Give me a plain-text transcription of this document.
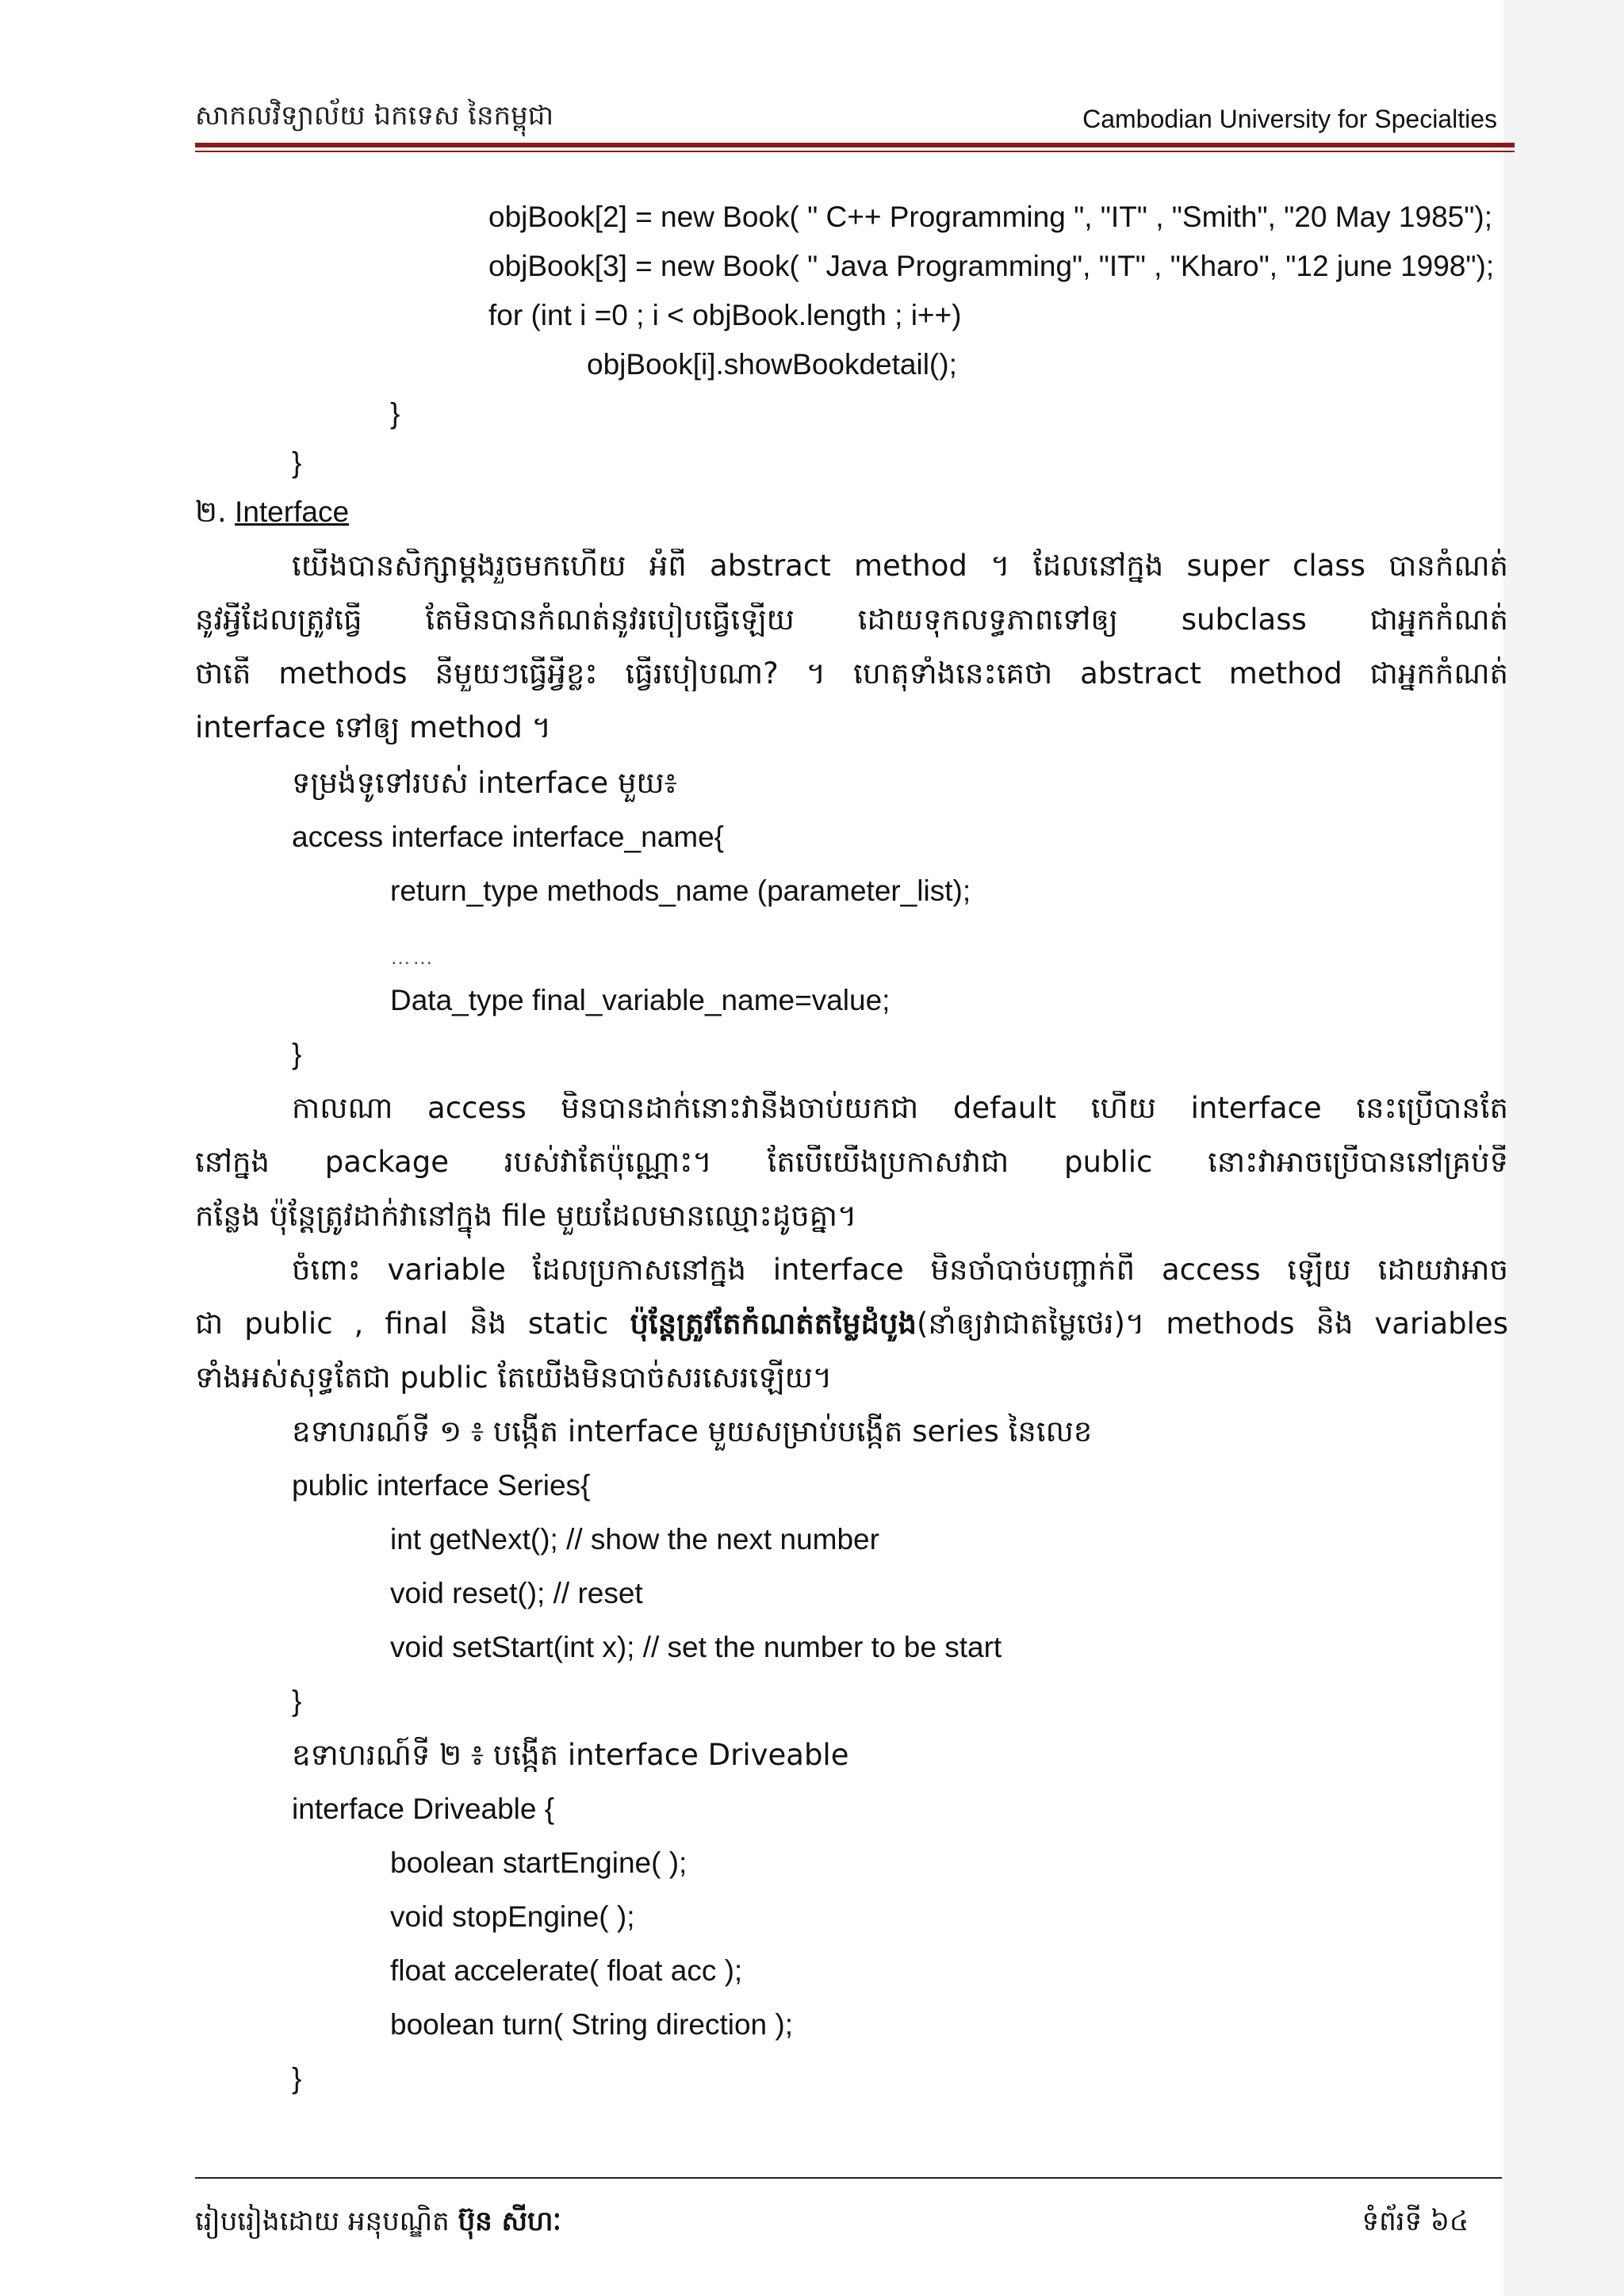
សាកលវិទ្យាល័យ ឯកទេស នៃកម្ពុជា	Cambodian University for Specialties
objBook[2] = new Book( " C++ Programming ", "IT" , "Smith", "20 May 1985");
objBook[3] = new Book( " Java Programming", "IT" , "Kharo", "12 june 1998");
for (int i =0 ; i < objBook.length ; i++)
objBook[i].showBookdetail();
}
}
២. Interface
យើងបានសិក្សាម្តងរួចមកហើយ អំពី abstract method ។ ដែលនៅក្នុង super class បានកំណត់
នូវអ្វីដែលត្រូវធ្វើ តែមិនបានកំណត់នូវរបៀបធ្វើឡើយ ដោយទុកលទ្ធភាពទៅឲ្យ subclass ជាអ្នកកំណត់
ថាតើ methods នីមួយៗធ្វើអ្វីខ្លះ ធ្វើរបៀបណា? ។ ហេតុទាំងនេះគេថា abstract method ជាអ្នកកំណត់
interface ទៅឲ្យ method ។
ទម្រង់ទូទៅរបស់ interface មួយ៖
access interface interface_name{
return_type methods_name (parameter_list);
……
Data_type final_variable_name=value;
}
កាលណា access មិនបានដាក់នោះវានឹងចាប់យកជា default ហើយ interface នេះប្រើបានតែ
នៅក្នុង package របស់វាតែប៉ុណ្ណោះ។ តែបើយើងប្រកាសវាជា public នោះវាអាចប្រើបាននៅគ្រប់ទី
កន្លែង ប៉ុន្តែត្រូវដាក់វានៅក្នុង file មួយដែលមានឈ្មោះដូចគ្នា។
ចំពោះ variable ដែលប្រកាសនៅក្នុង interface មិនចាំបាច់បញ្ជាក់ពី access ឡើយ ដោយវាអាច
ជា public , final និង static ប៉ុន្តែត្រូវតែកំណត់តម្លៃដំបូង(នាំឲ្យវាជាតម្លៃថេរ)។ methods និង variables
ទាំងអស់សុទ្ធតែជា public តែយើងមិនបាច់សរសេរឡើយ។
ឧទាហរណ៍ទី ១ ៖ បង្កើត interface មួយសម្រាប់បង្កើត series នៃលេខ
public interface Series{
int getNext(); // show the next number
void reset(); // reset
void setStart(int x); // set the number to be start
}
ឧទាហរណ៍ទី ២ ៖ បង្កើត interface Driveable
interface Driveable {
boolean startEngine( );
void stopEngine( );
float accelerate( float acc );
boolean turn( String direction );
}
រៀបរៀងដោយ អនុបណ្ឌិត ប៊ុន សីហៈ	ទំព័រទី ៦៤
